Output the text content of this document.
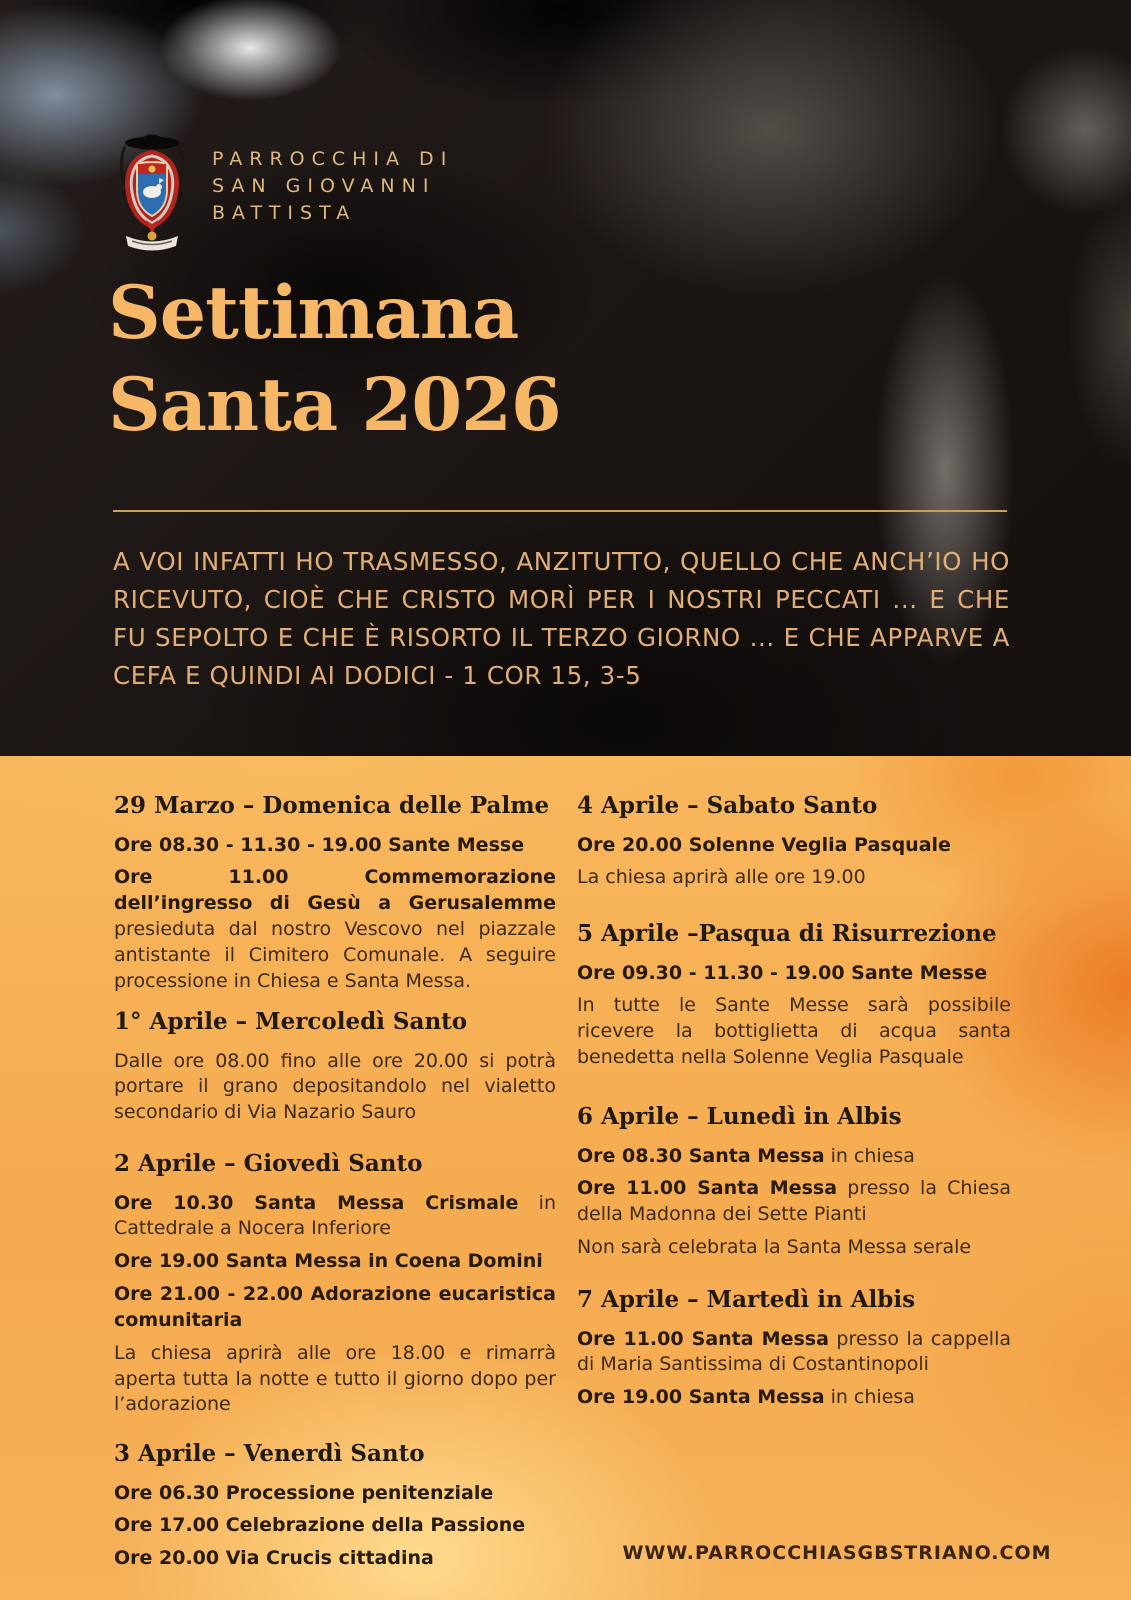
PARROCCHIA DI
SAN GIOVANNI
BATTISTA
Settimana
Santa 2026
A VOI INFATTI HO TRASMESSO, ANZITUTTO, QUELLO CHE ANCH’IO HO RICEVUTO, CIOÈ CHE CRISTO MORÌ PER I NOSTRI PECCATI ... E CHE FU SEPOLTO E CHE È RISORTO IL TERZO GIORNO ... E CHE APPARVE A CEFA E QUINDI AI DODICI - 1 COR 15, 3-5
29 Marzo – Domenica delle Palme

Ore 08.30 - 11.30 - 19.00 Sante Messe

Ore 11.00 Commemorazione dell’ingresso di Gesù a Gerusalemme presieduta dal nostro Vescovo nel piazzale antistante il Cimitero Comunale. A seguire processione in Chiesa e Santa Messa.

1° Aprile – Mercoledì Santo

Dalle ore 08.00 fino alle ore 20.00 si potrà portare il grano depositandolo nel vialetto secondario di Via Nazario Sauro

2 Aprile – Giovedì Santo

Ore 10.30 Santa Messa Crismale in Cattedrale a Nocera Inferiore

Ore 19.00 Santa Messa in Coena Domini

Ore 21.00 - 22.00 Adorazione eucaristica comunitaria

La chiesa aprirà alle ore 18.00 e rimarrà aperta tutta la notte e tutto il giorno dopo per l’adorazione

3 Aprile – Venerdì Santo

Ore 06.30 Processione penitenziale

Ore 17.00 Celebrazione della Passione

Ore 20.00 Via Crucis cittadina

4 Aprile – Sabato Santo

Ore 20.00 Solenne Veglia Pasquale

La chiesa aprirà alle ore 19.00

5 Aprile –Pasqua di Risurrezione

Ore 09.30 - 11.30 - 19.00 Sante Messe

In tutte le Sante Messe sarà possibile ricevere la bottiglietta di acqua santa benedetta nella Solenne Veglia Pasquale

6 Aprile – Lunedì in Albis

Ore 08.30 Santa Messa in chiesa

Ore 11.00 Santa Messa presso la Chiesa della Madonna dei Sette Pianti

Non sarà celebrata la Santa Messa serale

7 Aprile – Martedì in Albis

Ore 11.00 Santa Messa presso la cappella di Maria Santissima di Costantinopoli

Ore 19.00 Santa Messa in chiesa

WWW.PARROCCHIASGBSTRIANO.COM
